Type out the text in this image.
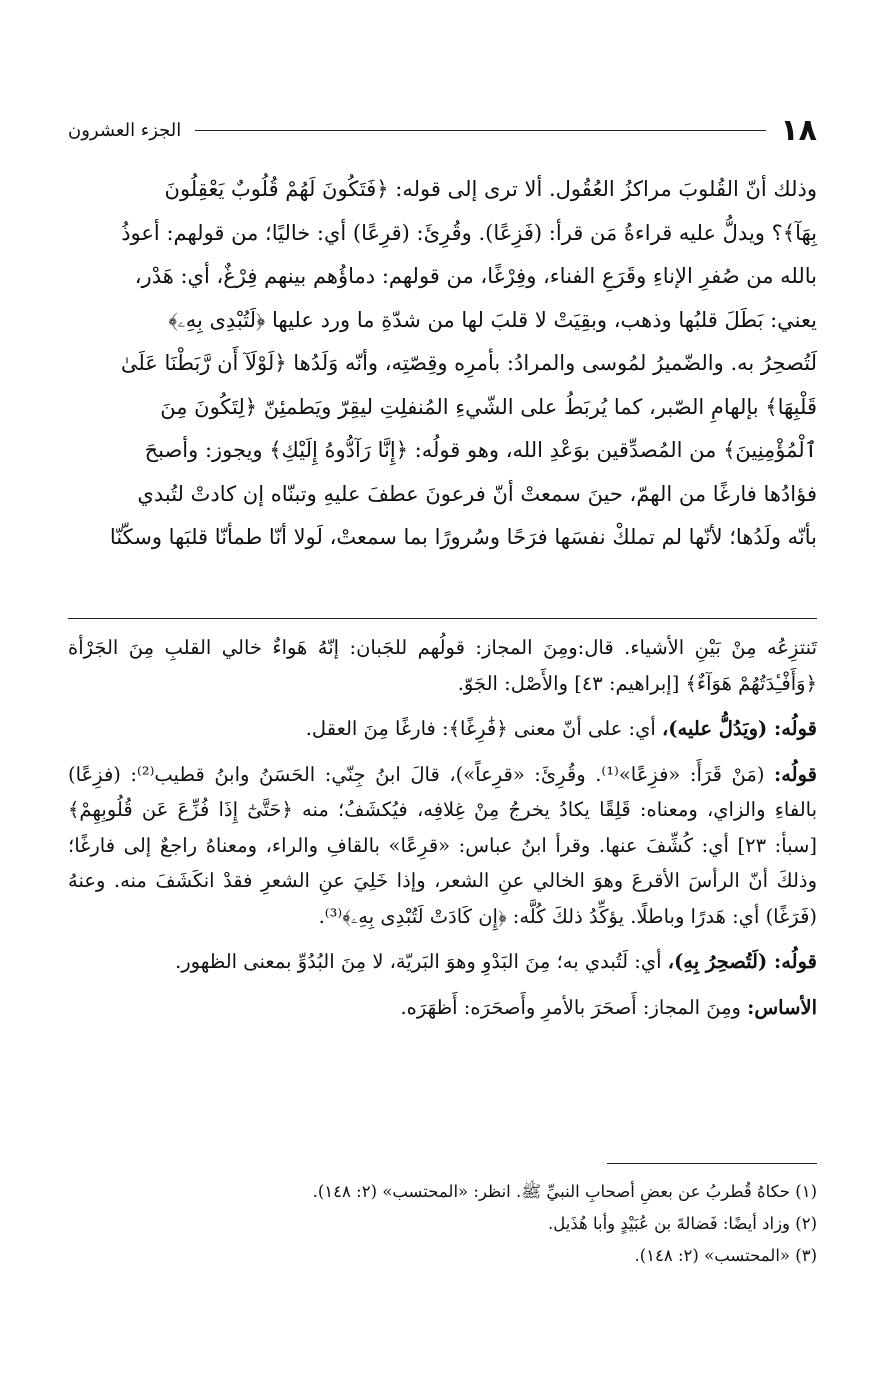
١٨
الجزء العشرون

وذلك أنّ القُلوبَ مراكزُ العُقُول. ألا ترى إلى قوله: ﴿فَتَكُونَ لَهُمْ قُلُوبٌ يَعْقِلُونَ

بِهَآ﴾؟ ويدلُّ عليه قراءةُ مَن قرأ: (فَزِعًا). وقُرِئَ: (قرِعًا) أي: خاليًا؛ من قولهم: أعوذُ

بالله من صُفرِ الإناءِ وقَرَعِ الفناء، وفِرْغًا، من قولهم: دماؤُهم بينهم فِرْغٌ، أي: هَدْر،

يعني: بَطَلَ قلبُها وذهب، وبقِيَتْ لا قلبَ لها من شدّةِ ما ورد عليها ﴿لَتُبْدِى بِهِۦ﴾

لَتُصحِرُ به. والضّميرُ لمُوسى والمرادُ: بأمرِه وقِصّتِه، وأنّه وَلَدُها ﴿لَوْلَآ أَن رَّبَطْنَا عَلَىٰ

قَلْبِهَا﴾ بإلهامِ الصّبر، كما يُربَطُ على الشّيءِ المُنفلِتِ ليقِرّ ويَطمئِنّ ﴿لِتَكُونَ مِنَ

ٱلْمُؤْمِنِينَ﴾ من المُصدِّقين بوَعْدِ الله، وهو قولُه: ﴿إِنَّا رَآدُّوهُ إِلَيْكِ﴾ ويجوز: وأصبحَ

فؤادُها فارغًا من الهمّ، حينَ سمعتْ أنّ فرعونَ عطفَ عليهِ وتبنّاه إن كادتْ لتُبدي

بأنّه ولَدُها؛ لأنّها لم تملكْ نفسَها فرَحًا وسُرورًا بما سمعتْ، لَولا أنّا طمأنّا قلبَها وسكّنّا

تَنتزِعُه مِنْ بَيْنِ الأشياء. قال:ومِنَ المجاز: قولُهم للجَبان: إنّهُ هَواءٌ خالي القلبِ مِنَ الجَرْأة ﴿وَأَفْـِٔدَتُهُمْ هَوَآءٌ﴾ [إبراهيم: ٤٣] والأَصْل: الجَوّ.

قولُه: (ويَدُلُّ عليه)، أي: على أنّ معنى ﴿فَٰرِغًا﴾: فارغًا مِنَ العقل.

قولُه: (مَنْ قَرَأَ: «فزِعًا»⁽¹⁾. وقُرِئَ: «قرِعاً»)، قالَ ابنُ جِنّي: الحَسَنُ وابنُ قطيب⁽²⁾: (فزِعًا) بالفاءِ والزاي، ومعناه: قَلِقًا يكادُ يخرجُ مِنْ غِلافِه، فيُكشَفُ؛ منه ﴿حَتَّىٰٓ إِذَا فُزِّعَ عَن قُلُوبِهِمْ﴾ [سبأ: ٢٣] أي: كُشِّفَ عنها. وقرأ ابنُ عباس: «قرِعًا» بالقافِ والراء، ومعناهُ راجعٌ إلى فارغًا؛ وذلكَ أنّ الرأسَ الأقرعَ وهوَ الخالي عنِ الشعر، وإذا خَلِيَ عنِ الشعرِ فقدْ انكَشَفَ منه. وعنهُ (فَرَغًا) أي: هَدرًا وباطلًا. يؤكِّدُ ذلكَ كُلَّه: ﴿إِن كَادَتْ لَتُبْدِى بِهِۦ﴾⁽³⁾.

قولُه: (لَتُصحِرُ بِهِ)، أي: لَتُبدي به؛ مِنَ البَدْوِ وهوَ البَريّة، لا مِنَ البُدُوِّ بمعنى الظهور.

الأساس: ومِنَ المجاز: أَصحَرَ بالأمرِ وأَصحَرَه: أَظهَرَه.

(١) حكاهُ قُطربُ عن بعضِ أصحابِ النبيِّ ﷺ. انظر: «المحتسب» (٢: ١٤٨).

(٢) وزاد أيضًا: فَضالةَ بن عُبَيْدٍ وأبا هُذَيل.

(٣) «المحتسب» (٢: ١٤٨).
